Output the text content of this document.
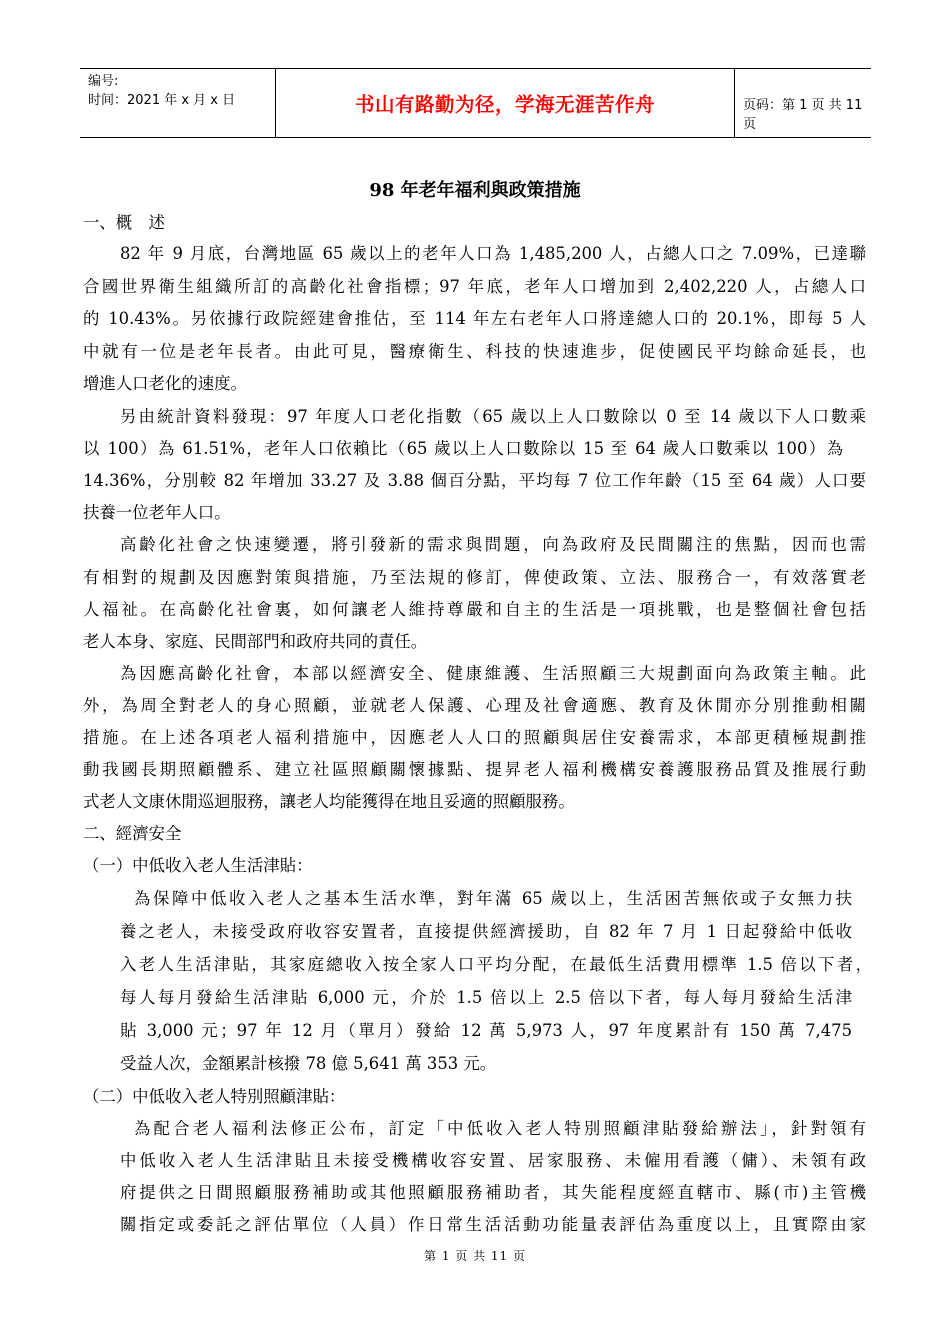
编号:
时间：2021 年 x 月 x 日	书山有路勤为径，学海无涯苦作舟	页码：第 1 页 共 11 页
98 年老年福利與政策措施
一、概　述
82 年 9 月底，台灣地區 65 歲以上的老年人口為 1,485,200 人，占總人口之 7.09%，已達聯
合國世界衛生組織所訂的高齡化社會指標；97 年底，老年人口增加到 2,402,220 人，占總人口
的 10.43%。另依據行政院經建會推估，至 114 年左右老年人口將達總人口的 20.1%，即每 5 人
中就有一位是老年長者。由此可見，醫療衛生、科技的快速進步，促使國民平均餘命延長，也
增進人口老化的速度。
另由統計資料發現：97 年度人口老化指數（65 歲以上人口數除以 0 至 14 歲以下人口數乘
以 100）為 61.51%，老年人口依賴比（65 歲以上人口數除以 15 至 64 歲人口數乘以 100）為
14.36%，分別較 82 年增加 33.27 及 3.88 個百分點，平均每 7 位工作年齡（15 至 64 歲）人口要
扶養一位老年人口。
高齡化社會之快速變遷，將引發新的需求與問題，向為政府及民間關注的焦點，因而也需
有相對的規劃及因應對策與措施，乃至法規的修訂，俾使政策、立法、服務合一，有效落實老
人福祉。在高齡化社會裏，如何讓老人維持尊嚴和自主的生活是一項挑戰，也是整個社會包括
老人本身、家庭、民間部門和政府共同的責任。
為因應高齡化社會，本部以經濟安全、健康維護、生活照顧三大規劃面向為政策主軸。此
外，為周全對老人的身心照顧，並就老人保護、心理及社會適應、教育及休閒亦分別推動相關
措施。在上述各項老人福利措施中，因應老人人口的照顧與居住安養需求，本部更積極規劃推
動我國長期照顧體系、建立社區照顧關懷據點、提昇老人福利機構安養護服務品質及推展行動
式老人文康休閒巡迴服務，讓老人均能獲得在地且妥適的照顧服務。
二、經濟安全
（一）中低收入老人生活津貼：
為保障中低收入老人之基本生活水準，對年滿 65 歲以上，生活困苦無依或子女無力扶
養之老人，未接受政府收容安置者，直接提供經濟援助，自 82 年 7 月 1 日起發給中低收
入老人生活津貼，其家庭總收入按全家人口平均分配，在最低生活費用標準 1.5 倍以下者，
每人每月發給生活津貼 6,000 元，介於 1.5 倍以上 2.5 倍以下者，每人每月發給生活津
貼 3,000 元；97 年 12 月（單月）發給 12 萬 5,973 人，97 年度累計有 150 萬 7,475
受益人次，金額累計核撥 78 億 5,641 萬 353 元。
（二）中低收入老人特別照顧津貼：
為配合老人福利法修正公布，訂定「中低收入老人特別照顧津貼發給辦法」，針對領有
中低收入老人生活津貼且未接受機構收容安置、居家服務、未僱用看護（傭）、未領有政
府提供之日間照顧服務補助或其他照顧服務補助者，其失能程度經直轄市、縣(市)主管機
關指定或委託之評估單位（人員）作日常生活活動功能量表評估為重度以上，且實際由家
第 1 页 共 11 页
